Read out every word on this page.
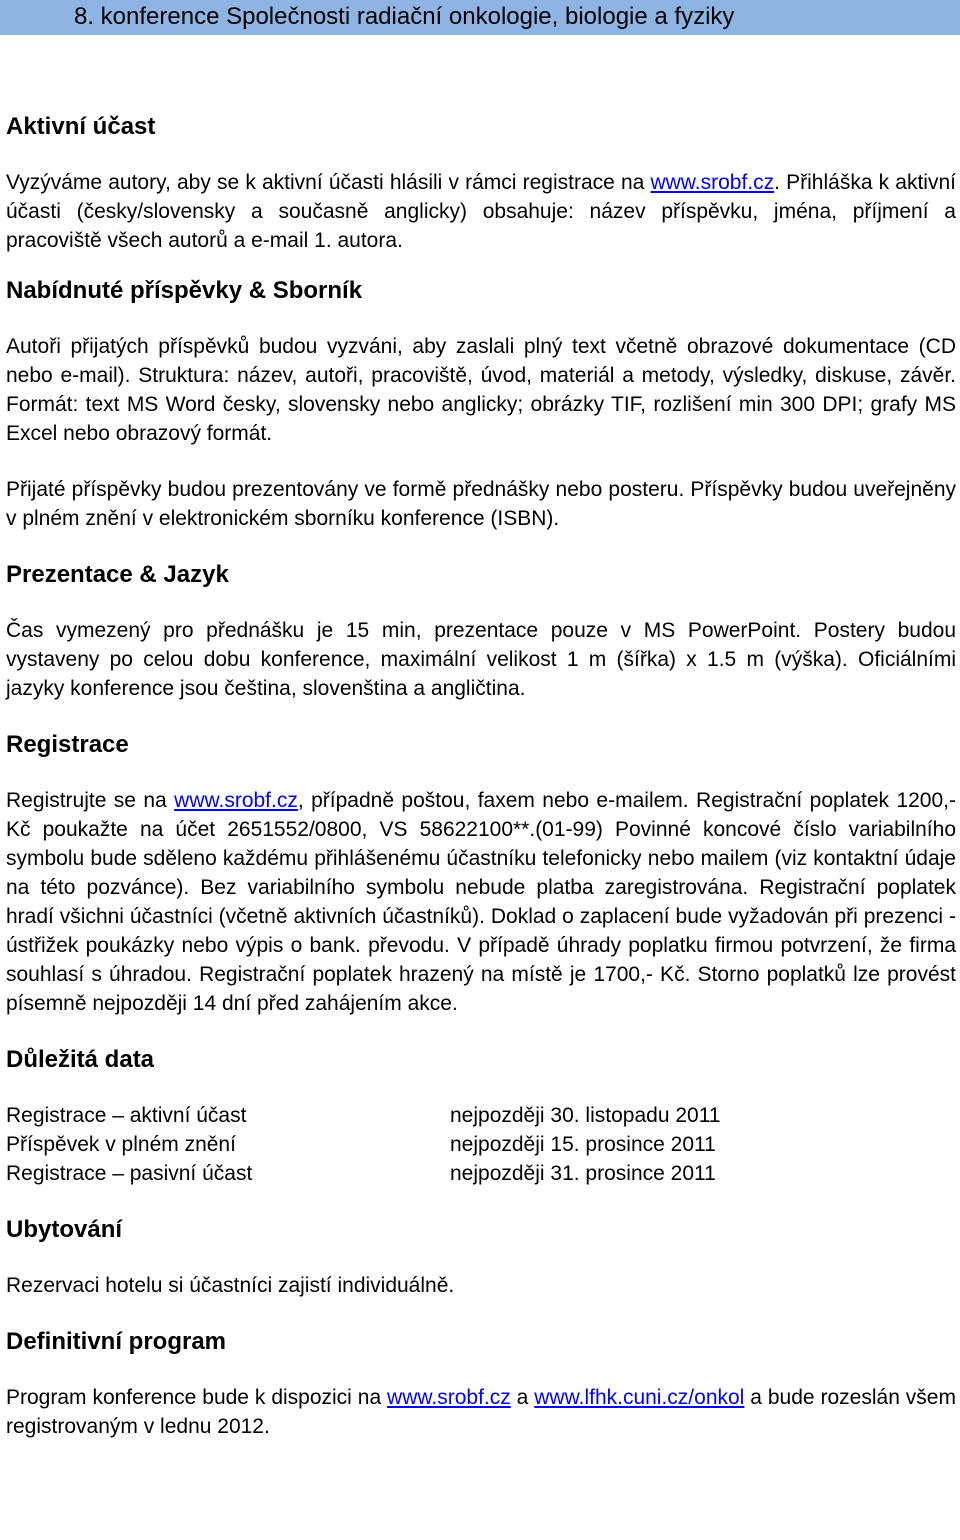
8. konference Společnosti radiační onkologie, biologie a fyziky
Aktivní účast

Vyzýváme autory, aby se k aktivní účasti hlásili v rámci registrace na www.srobf.cz. Přihláška k aktivní účasti (česky/slovensky a současně anglicky) obsahuje: název příspěvku, jména, příjmení a pracoviště všech autorů a e-mail 1. autora.

Nabídnuté příspěvky & Sborník

Autoři přijatých příspěvků budou vyzváni, aby zaslali plný text včetně obrazové dokumentace (CD nebo e-mail). Struktura: název, autoři, pracoviště, úvod, materiál a metody, výsledky, diskuse, závěr. Formát: text MS Word česky, slovensky nebo anglicky; obrázky TIF, rozlišení min 300 DPI; grafy MS Excel nebo obrazový formát.

Přijaté příspěvky budou prezentovány ve formě přednášky nebo posteru. Příspěvky budou uveřejněny v plném znění v elektronickém sborníku konference (ISBN).

Prezentace & Jazyk

Čas vymezený pro přednášku je 15 min, prezentace pouze v MS PowerPoint. Postery budou vystaveny po celou dobu konference, maximální velikost 1 m (šířka) x 1.5 m (výška). Oficiálními jazyky konference jsou čeština, slovenština a angličtina.

Registrace

Registrujte se na www.srobf.cz, případně poštou, faxem nebo e-mailem. Registrační poplatek 1200,- Kč poukažte na účet 2651552/0800, VS 58622100**.(01-99) Povinné koncové číslo variabilního symbolu bude sděleno každému přihlášenému účastníku telefonicky nebo mailem (viz kontaktní údaje na této pozvánce). Bez variabilního symbolu nebude platba zaregistrována. Registrační poplatek hradí všichni účastníci (včetně aktivních účastníků). Doklad o zaplacení bude vyžadován při prezenci - ústřižek poukázky nebo výpis o bank. převodu. V případě úhrady poplatku firmou potvrzení, že firma souhlasí s úhradou. Registrační poplatek hrazený na místě je 1700,- Kč. Storno poplatků lze provést písemně nejpozději 14 dní před zahájením akce.

Důležitá data
Registrace – aktivní účast	nejpozději 30. listopadu 2011
Příspěvek v plném znění	nejpozději 15. prosince 2011
Registrace – pasivní účast	nejpozději 31. prosince 2011
Ubytování

Rezervaci hotelu si účastníci zajistí individuálně.

Definitivní program

Program konference bude k dispozici na www.srobf.cz a www.lfhk.cuni.cz/onkol a bude rozeslán všem registrovaným v lednu 2012.
